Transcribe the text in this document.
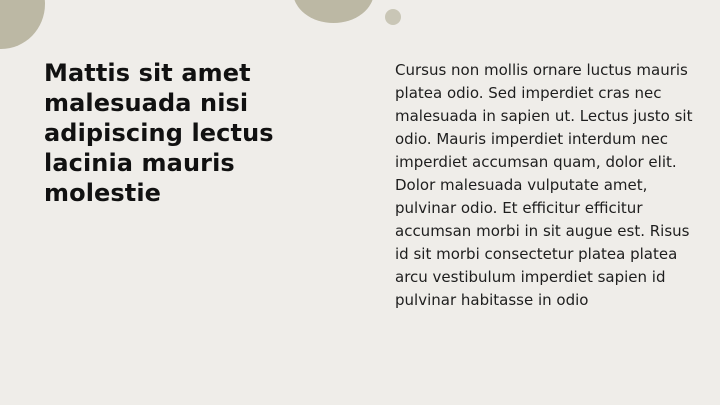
Mattis sit amet malesuada nisi adipiscing lectus lacinia mauris molestie

Cursus non mollis ornare luctus mauris platea odio. Sed imperdiet cras nec malesuada in sapien ut. Lectus justo sit odio. Mauris imperdiet interdum nec imperdiet accumsan quam, dolor elit. Dolor malesuada vulputate amet, pulvinar odio. Et efficitur efficitur accumsan morbi in sit augue est. Risus id sit morbi consectetur platea platea arcu vestibulum imperdiet sapien id pulvinar habitasse in odio
